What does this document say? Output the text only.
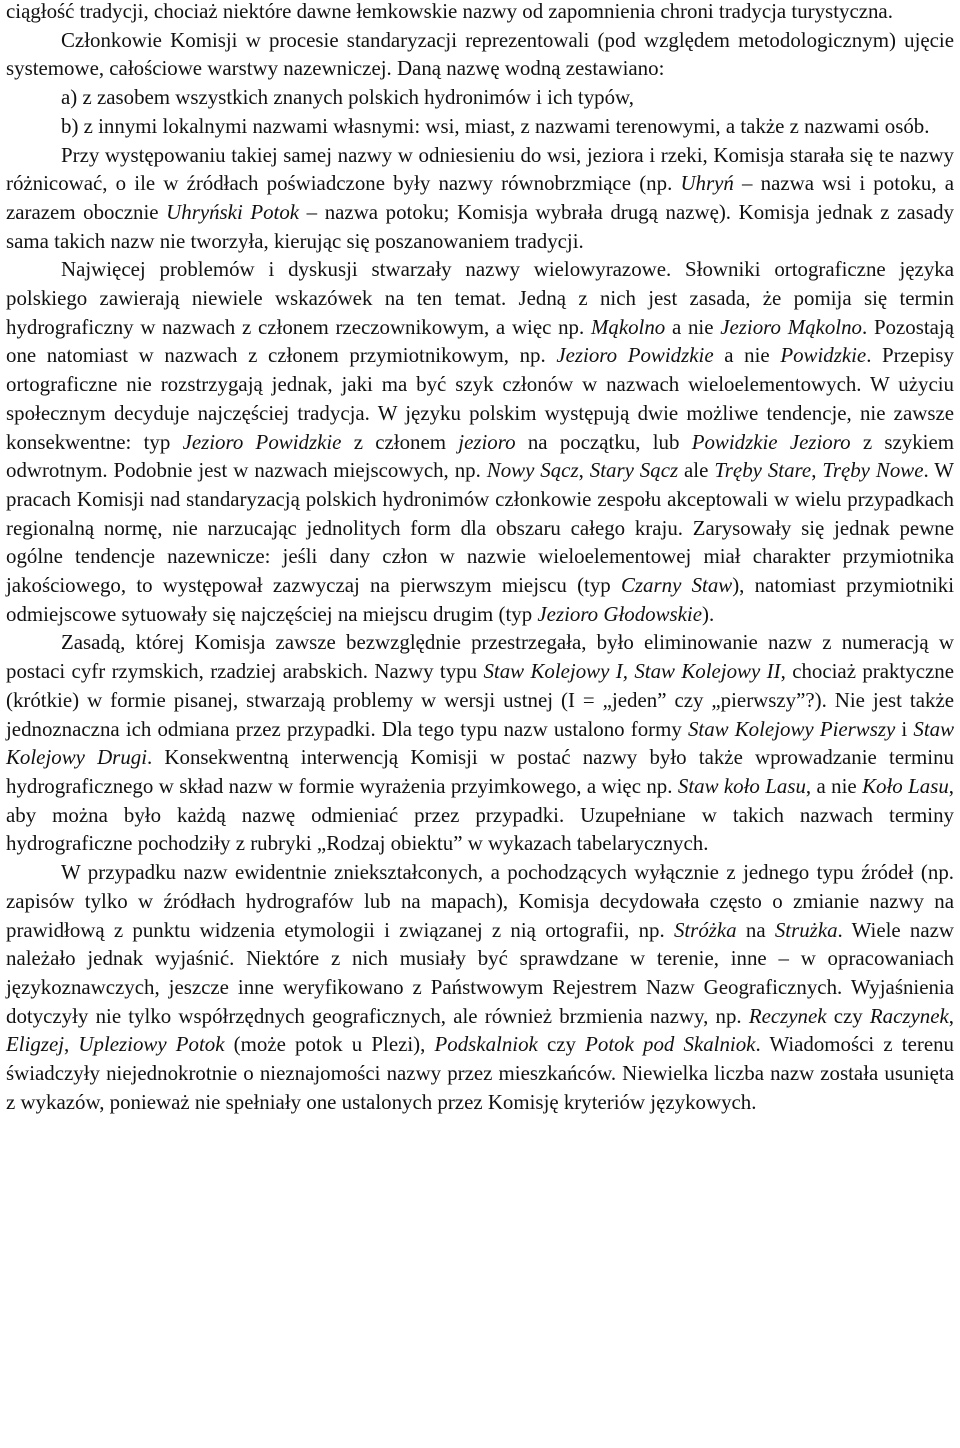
ciągłość tradycji, chociaż niektóre dawne łemkowskie nazwy od zapomnienia chroni tradycja turystyczna.

Członkowie Komisji w procesie standaryzacji reprezentowali (pod względem metodologicznym) ujęcie systemowe, całościowe warstwy nazewniczej. Daną nazwę wodną zestawiano:

a) z zasobem wszystkich znanych polskich hydronimów i ich typów,

b) z innymi lokalnymi nazwami własnymi: wsi, miast, z nazwami terenowymi, a także z nazwami osób.

Przy występowaniu takiej samej nazwy w odniesieniu do wsi, jeziora i rzeki, Komisja starała się te nazwy różnicować, o ile w źródłach poświadczone były nazwy równobrzmiące (np. Uhryń – nazwa wsi i potoku, a zarazem obocznie Uhryński Potok – nazwa potoku; Komisja wybrała drugą nazwę). Komisja jednak z zasady sama takich nazw nie tworzyła, kierując się poszanowaniem tradycji.

Najwięcej problemów i dyskusji stwarzały nazwy wielowyrazowe. Słowniki ortograficzne języka polskiego zawierają niewiele wskazówek na ten temat. Jedną z nich jest zasada, że pomija się termin hydrograficzny w nazwach z członem rzeczownikowym, a więc np. Mąkolno a nie Jezioro Mąkolno. Pozostają one natomiast w nazwach z członem przymiotnikowym, np. Jezioro Powidzkie a nie Powidzkie. Przepisy ortograficzne nie rozstrzygają jednak, jaki ma być szyk członów w nazwach wieloelementowych. W użyciu społecznym decyduje najczęściej tradycja. W języku polskim występują dwie możliwe tendencje, nie zawsze konsekwentne: typ Jezioro Powidzkie z członem jezioro na początku, lub Powidzkie Jezioro z szykiem odwrotnym. Podobnie jest w nazwach miejscowych, np. Nowy Sącz, Stary Sącz ale Tręby Stare, Tręby Nowe. W pracach Komisji nad standaryzacją polskich hydronimów członkowie zespołu akceptowali w wielu przypadkach regionalną normę, nie narzucając jednolitych form dla obszaru całego kraju. Zarysowały się jednak pewne ogólne tendencje nazewnicze: jeśli dany człon w nazwie wieloelementowej miał charakter przymiotnika jakościowego, to występował zazwyczaj na pierwszym miejscu (typ Czarny Staw), natomiast przymiotniki odmiejscowe sytuowały się najczęściej na miejscu drugim (typ Jezioro Głodowskie).

Zasadą, której Komisja zawsze bezwzględnie przestrzegała, było eliminowanie nazw z numeracją w postaci cyfr rzymskich, rzadziej arabskich. Nazwy typu Staw Kolejowy I, Staw Kolejowy II, chociaż praktyczne (krótkie) w formie pisanej, stwarzają problemy w wersji ustnej (I = „jeden” czy „pierwszy”?). Nie jest także jednoznaczna ich odmiana przez przypadki. Dla tego typu nazw ustalono formy Staw Kolejowy Pierwszy i Staw Kolejowy Drugi. Konsekwentną interwencją Komisji w postać nazwy było także wprowadzanie terminu hydrograficznego w skład nazw w formie wyrażenia przyimkowego, a więc np. Staw koło Lasu, a nie Koło Lasu, aby można było każdą nazwę odmieniać przez przypadki. Uzupełniane w takich nazwach terminy hydrograficzne pochodziły z rubryki „Rodzaj obiektu” w wykazach tabelarycznych.

W przypadku nazw ewidentnie zniekształconych, a pochodzących wyłącznie z jednego typu źródeł (np. zapisów tylko w źródłach hydrografów lub na mapach), Komisja decydowała często o zmianie nazwy na prawidłową z punktu widzenia etymologii i związanej z nią ortografii, np. Stróżka na Strużka. Wiele nazw należało jednak wyjaśnić. Niektóre z nich musiały być sprawdzane w terenie, inne – w opracowaniach językoznawczych, jeszcze inne weryfikowano z Państwowym Rejestrem Nazw Geograficznych. Wyjaśnienia dotyczyły nie tylko współrzędnych geograficznych, ale również brzmienia nazwy, np. Reczynek czy Raczynek, Eligzej, Upleziowy Potok (może potok u Plezi), Podskalniok czy Potok pod Skalniok. Wiadomości z terenu świadczyły niejednokrotnie o nieznajomości nazwy przez mieszkańców. Niewielka liczba nazw została usunięta z wykazów, ponieważ nie spełniały one ustalonych przez Komisję kryteriów językowych.
